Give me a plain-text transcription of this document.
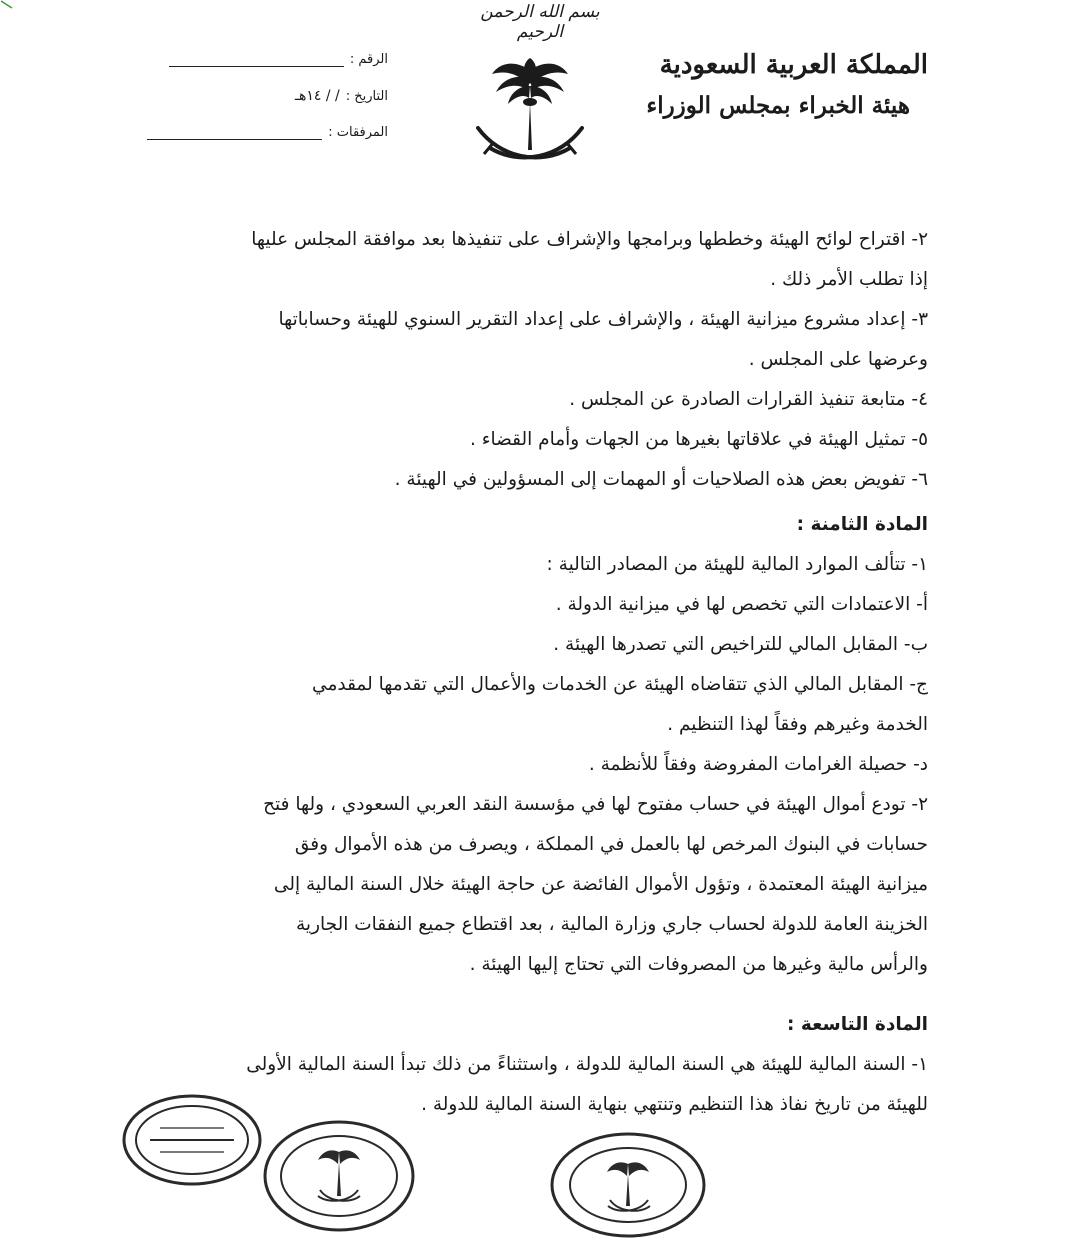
بسم الله الرحمن الرحيم
المملكة العربية السعودية
هيئة الخبراء بمجلس الوزراء
الرقم :
التاريخ :
/ / ١٤هـ
المرفقات :
٢- اقتراح لوائح الهيئة وخططها وبرامجها والإشراف على تنفيذها بعد موافقة المجلس عليها
إذا تطلب الأمر ذلك .
٣- إعداد مشروع ميزانية الهيئة ، والإشراف على إعداد التقرير السنوي للهيئة وحساباتها
وعرضها على المجلس .
٤- متابعة تنفيذ القرارات الصادرة عن المجلس .
٥- تمثيل الهيئة في علاقاتها بغيرها من الجهات وأمام القضاء .
٦- تفويض بعض هذه الصلاحيات أو المهمات إلى المسؤولين في الهيئة .
المادة الثامنة :
١- تتألف الموارد المالية للهيئة من المصادر التالية :
أ- الاعتمادات التي تخصص لها في ميزانية الدولة .
ب- المقابل المالي للتراخيص التي تصدرها الهيئة .
ج- المقابل المالي الذي تتقاضاه الهيئة عن الخدمات والأعمال التي تقدمها لمقدمي
الخدمة وغيرهم وفقاً لهذا التنظيم .
د- حصيلة الغرامات المفروضة وفقاً للأنظمة .
٢- تودع أموال الهيئة في حساب مفتوح لها في مؤسسة النقد العربي السعودي ، ولها فتح
حسابات في البنوك المرخص لها بالعمل في المملكة ، ويصرف من هذه الأموال وفق
ميزانية الهيئة المعتمدة ، وتؤول الأموال الفائضة عن حاجة الهيئة خلال السنة المالية إلى
الخزينة العامة للدولة لحساب جاري وزارة المالية ، بعد اقتطاع جميع النفقات الجارية
والرأس مالية وغيرها من المصروفات التي تحتاج إليها الهيئة .
المادة التاسعة :
١- السنة المالية للهيئة هي السنة المالية للدولة ، واستثناءً من ذلك تبدأ السنة المالية الأولى
للهيئة من تاريخ نفاذ هذا التنظيم وتنتهي بنهاية السنة المالية للدولة .
